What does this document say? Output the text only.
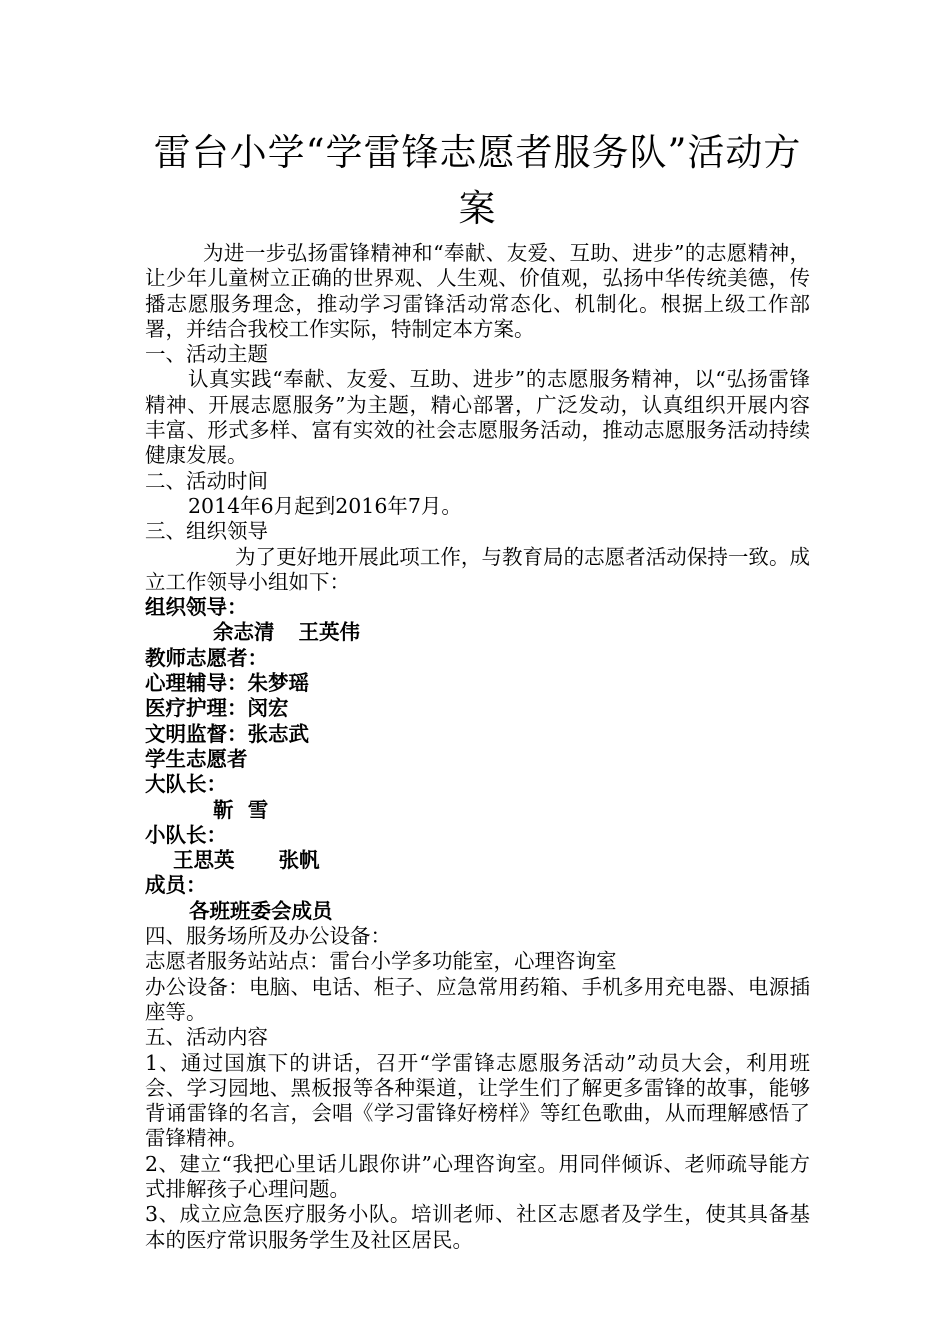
雷台小学“学雷锋志愿者服务队”活动方
案

为进一步弘扬雷锋精神和“奉献、友爱、互助、进步”的志愿精神，让少年儿童树立正确的世界观、人生观、价值观，弘扬中华传统美德，传播志愿服务理念，推动学习雷锋活动常态化、机制化。根据上级工作部署，并结合我校工作实际，特制定本方案。

一、活动主题

认真实践“奉献、友爱、互助、进步”的志愿服务精神，以“弘扬雷锋精神、开展志愿服务”为主题，精心部署，广泛发动，认真组织开展内容丰富、形式多样、富有实效的社会志愿服务活动，推动志愿服务活动持续健康发展。

二、活动时间

2014年6月起到2016年7月。

三、组织领导

为了更好地开展此项工作，与教育局的志愿者活动保持一致。成立工作领导小组如下：

组织领导：

余志清 王英伟

教师志愿者：

心理辅导：朱梦瑶

医疗护理：闵宏

文明监督：张志武

学生志愿者

大队长：

靳  雪

小队长：

王思英 张帆

成员：

各班班委会成员

四、服务场所及办公设备：

志愿者服务站站点：雷台小学多功能室，心理咨询室

办公设备：电脑、电话、柜子、应急常用药箱、手机多用充电器、电源插座等。

五、活动内容

1、通过国旗下的讲话，召开“学雷锋志愿服务活动”动员大会，利用班会、学习园地、黑板报等各种渠道，让学生们了解更多雷锋的故事，能够背诵雷锋的名言，会唱《学习雷锋好榜样》等红色歌曲，从而理解感悟了雷锋精神。

2、建立“我把心里话儿跟你讲”心理咨询室。用同伴倾诉、老师疏导能方式排解孩子心理问题。

3、成立应急医疗服务小队。培训老师、社区志愿者及学生，使其具备基本的医疗常识服务学生及社区居民。
